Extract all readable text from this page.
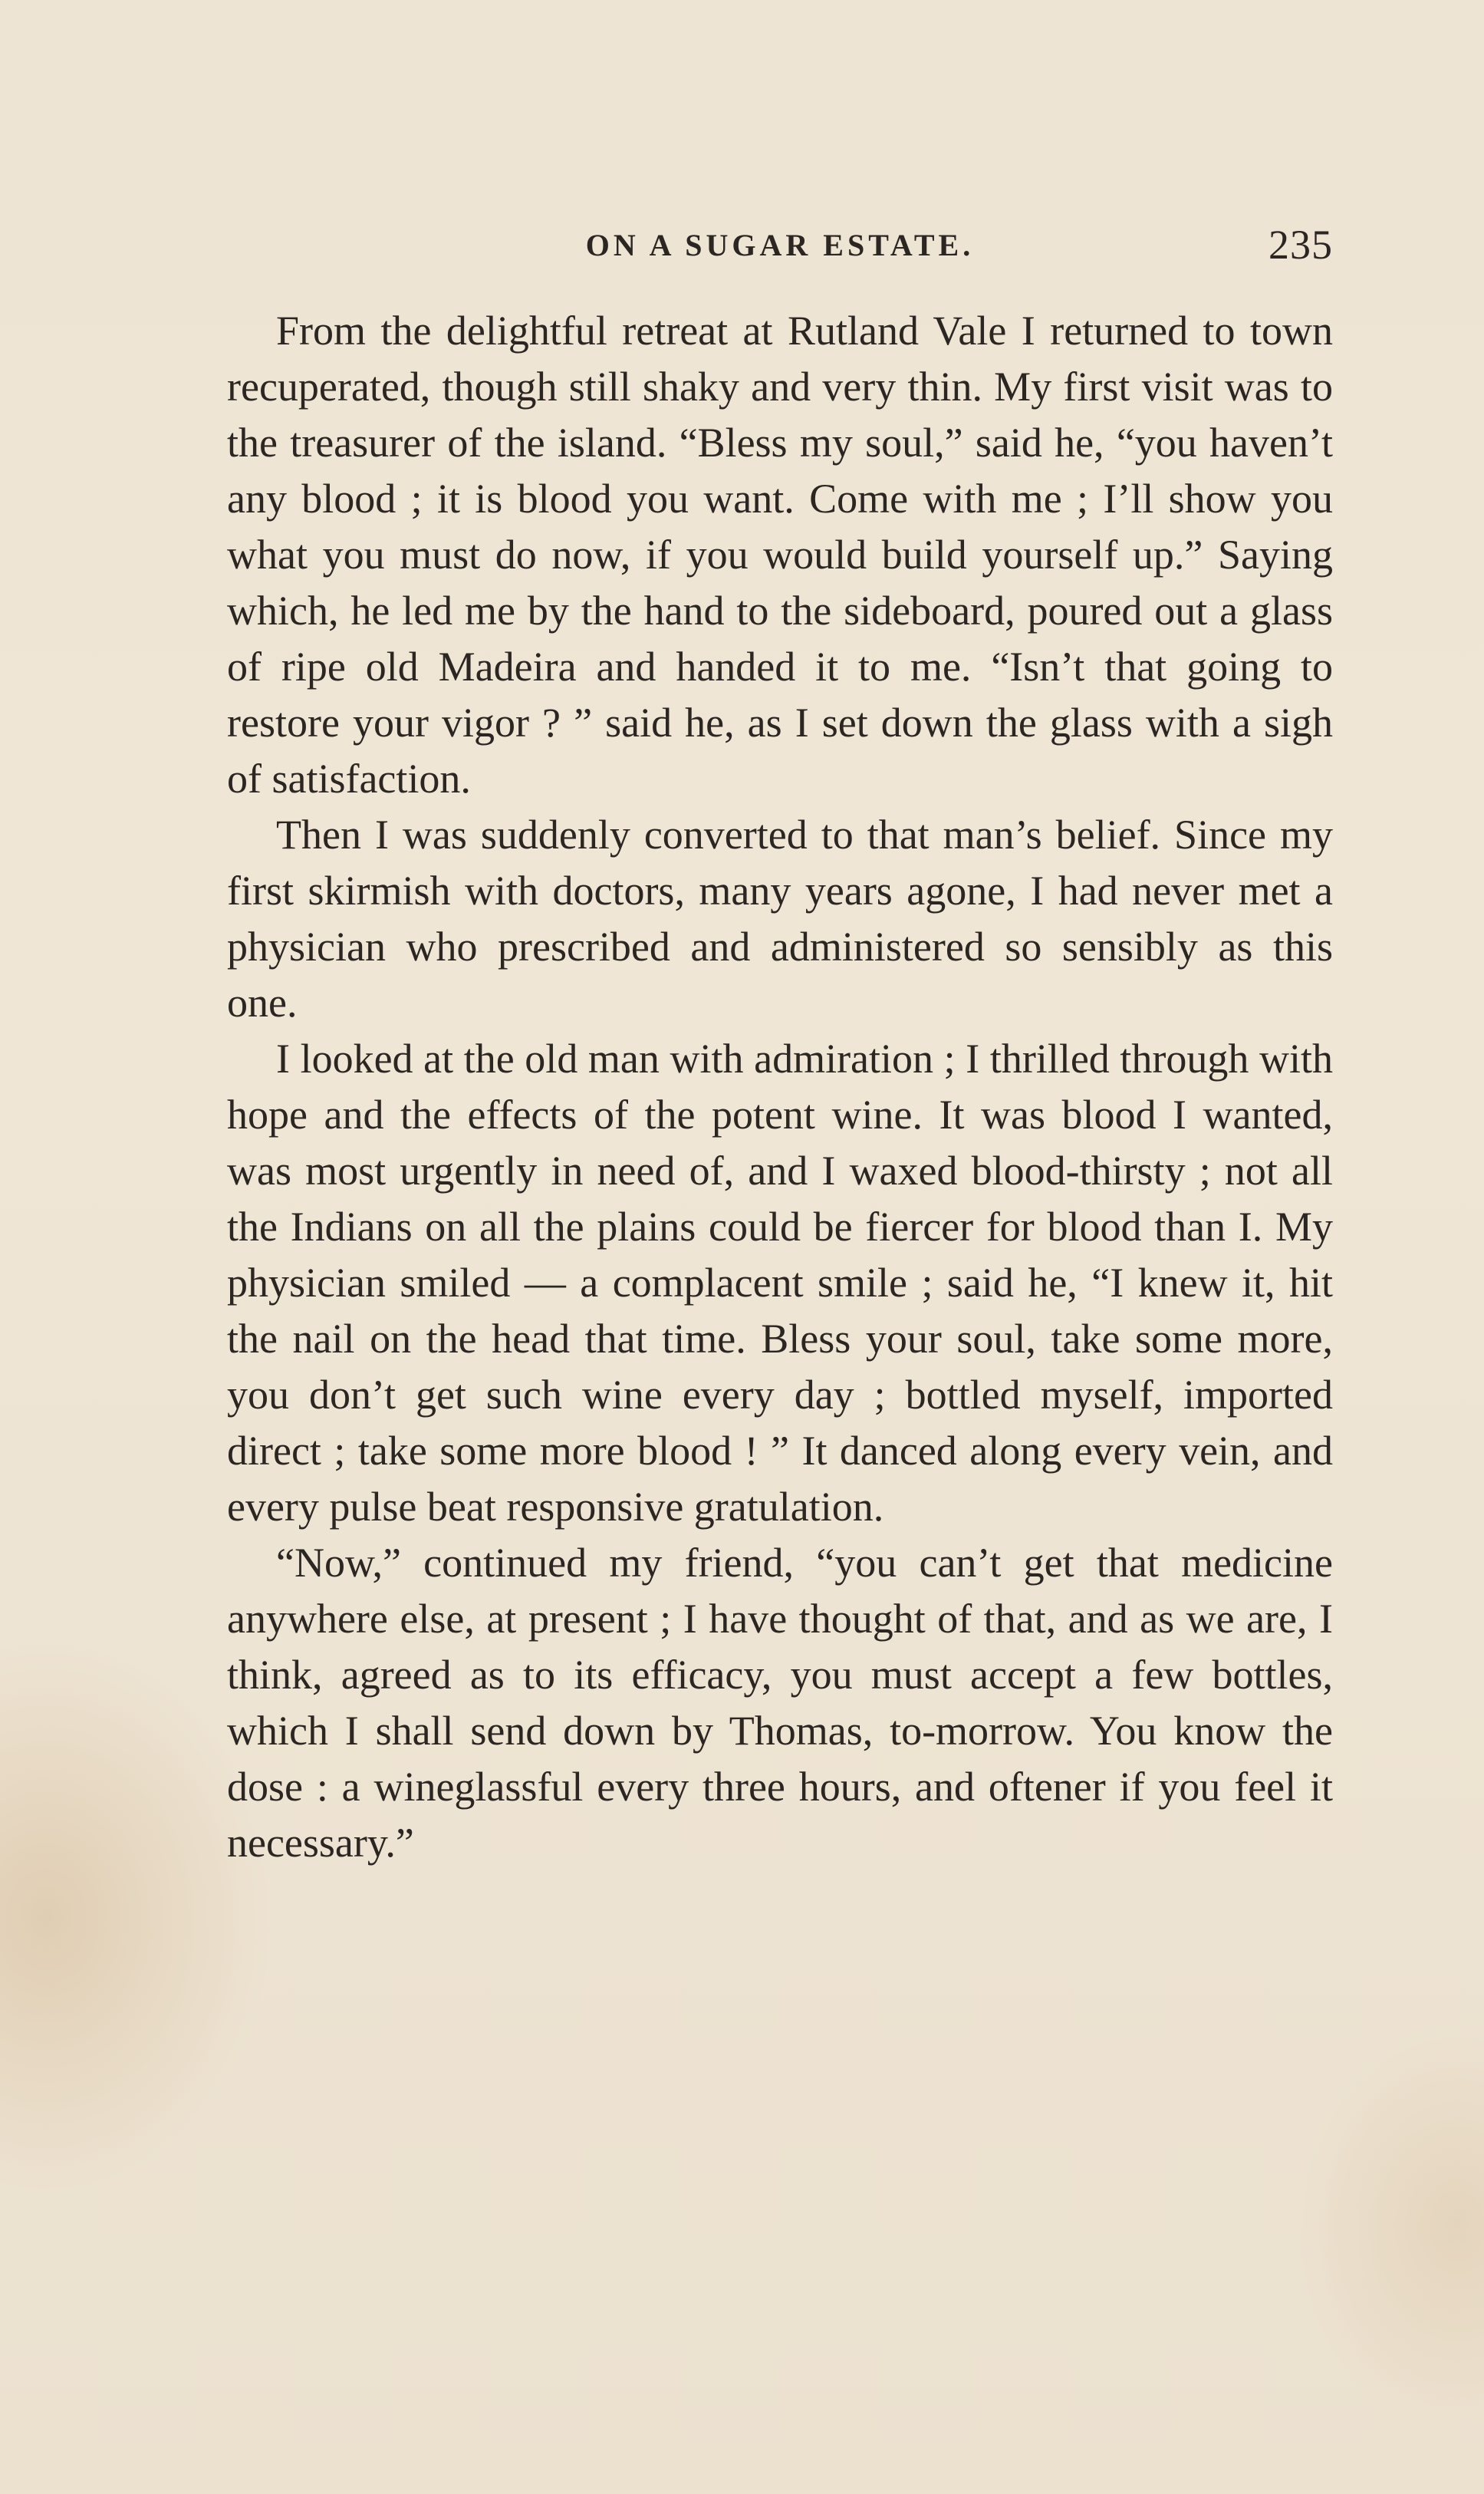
ON A SUGAR ESTATE.	235

From the delightful retreat at Rutland Vale I returned to town recuperated, though still shaky and very thin. My first visit was to the treasurer of the island. “Bless my soul,” said he, “you haven’t any blood ; it is blood you want. Come with me ; I’ll show you what you must do now, if you would build yourself up.” Saying which, he led me by the hand to the sideboard, poured out a glass of ripe old Madeira and handed it to me. “Isn’t that going to restore your vigor ? ” said he, as I set down the glass with a sigh of satisfaction.

Then I was suddenly converted to that man’s belief. Since my first skirmish with doctors, many years agone, I had never met a physician who prescribed and administered so sensibly as this one.

I looked at the old man with admiration ; I thrilled through with hope and the effects of the potent wine. It was blood I wanted, was most urgently in need of, and I waxed blood-thirsty ; not all the Indians on all the plains could be fiercer for blood than I. My physician smiled — a complacent smile ; said he, “I knew it, hit the nail on the head that time. Bless your soul, take some more, you don’t get such wine every day ; bottled myself, imported direct ; take some more blood ! ” It danced along every vein, and every pulse beat responsive gratulation.

“Now,” continued my friend, “you can’t get that medicine anywhere else, at present ; I have thought of that, and as we are, I think, agreed as to its efficacy, you must accept a few bottles, which I shall send down by Thomas, to-morrow. You know the dose : a wineglassful every three hours, and oftener if you feel it necessary.”
